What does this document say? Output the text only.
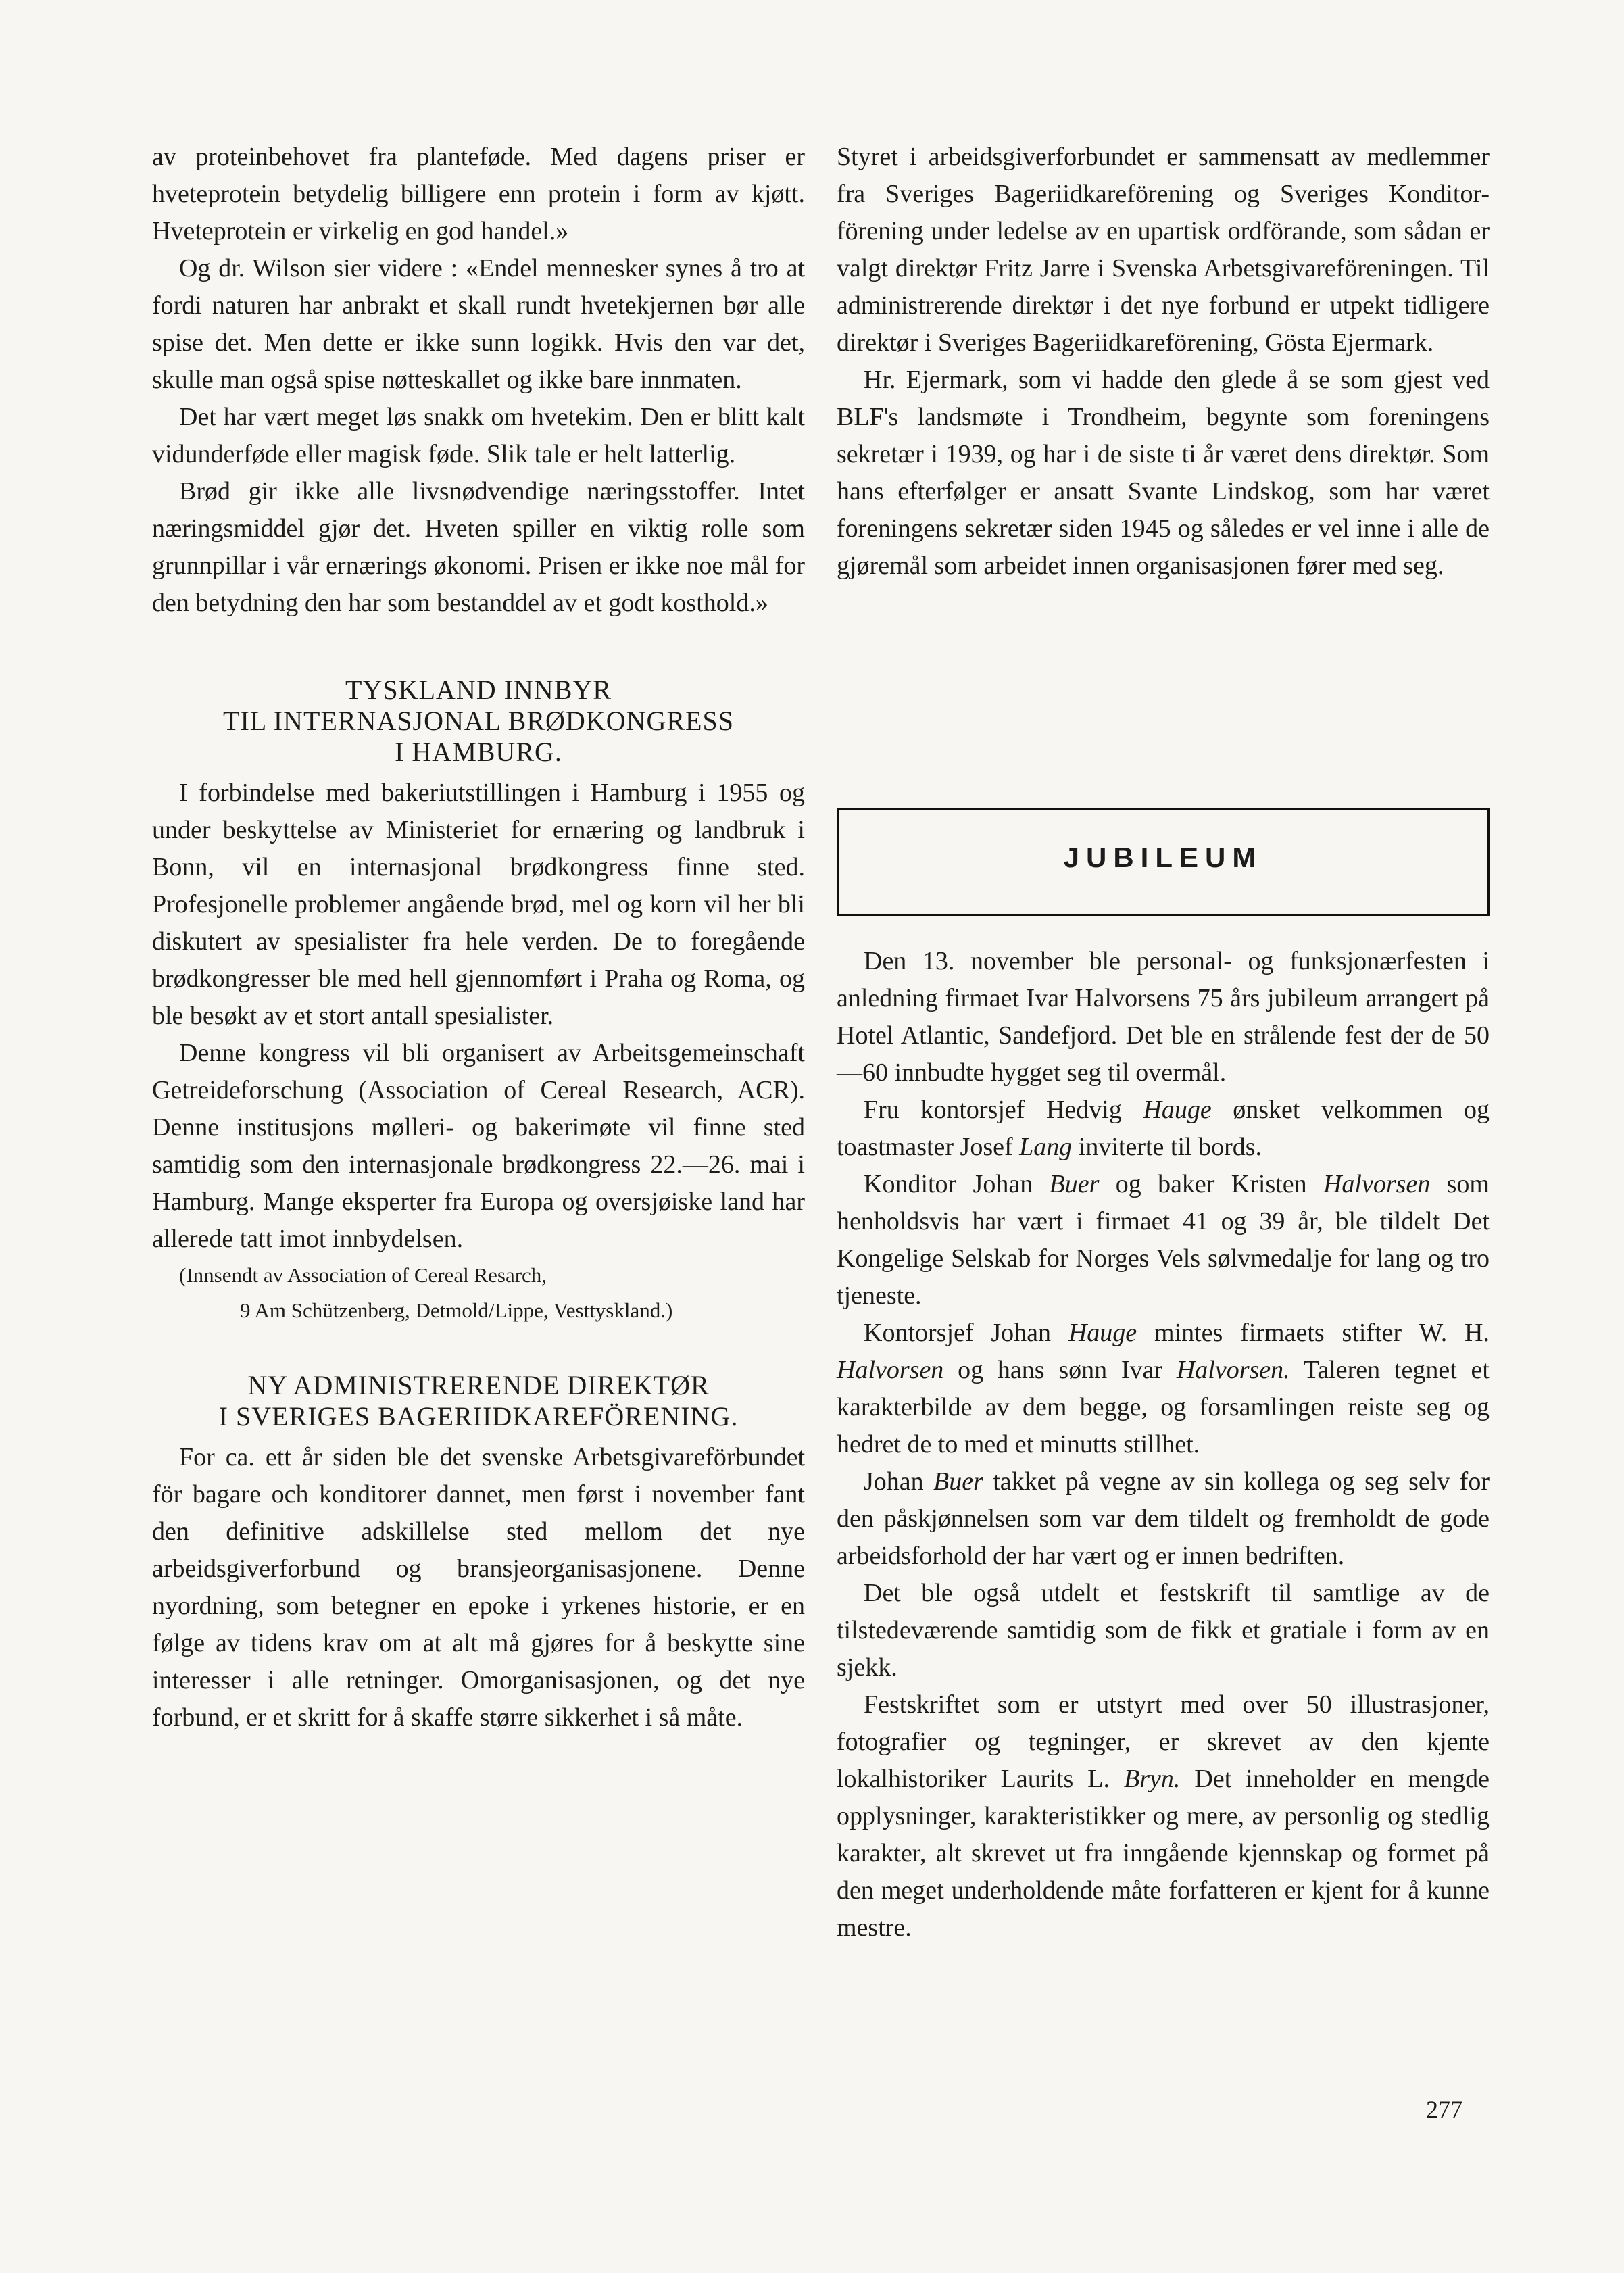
av proteinbehovet fra planteføde. Med dagens priser er hveteprotein betydelig billigere enn protein i form av kjøtt. Hveteprotein er virkelig en god handel.»

Og dr. Wilson sier videre : «Endel mennesker synes å tro at fordi naturen har anbrakt et skall rundt hvetekjernen bør alle spise det. Men dette er ikke sunn logikk. Hvis den var det, skulle man også spise nøtteskallet og ikke bare innmaten.

Det har vært meget løs snakk om hvetekim. Den er blitt kalt vidunderføde eller magisk føde. Slik tale er helt latterlig.

Brød gir ikke alle livsnødvendige næringsstoffer. Intet næringsmiddel gjør det. Hveten spiller en viktig rolle som grunnpillar i vår ernærings økonomi. Prisen er ikke noe mål for den betydning den har som bestanddel av et godt kosthold.»

TYSKLAND INNBYR
TIL INTERNASJONAL BRØDKONGRESS
I HAMBURG.

I forbindelse med bakeriutstillingen i Hamburg i 1955 og under beskyttelse av Ministeriet for ernæring og landbruk i Bonn, vil en internasjonal brødkongress finne sted. Profesjonelle problemer angående brød, mel og korn vil her bli diskutert av spesialister fra hele verden. De to foregående brødkongresser ble med hell gjennomført i Praha og Roma, og ble besøkt av et stort antall spesialister.

Denne kongress vil bli organisert av Arbeitsgemeinschaft Getreideforschung (Association of Cereal Research, ACR). Denne institusjons mølleri- og bakerimøte vil finne sted samtidig som den internasjonale brødkongress 22.—26. mai i Hamburg. Mange eksperter fra Europa og oversjøiske land har allerede tatt imot innbydelsen.

(Innsendt av Association of Cereal Resarch,
9 Am Schützenberg, Detmold/Lippe, Vesttyskland.)
NY ADMINISTRERENDE DIREKTØR
I SVERIGES BAGERIIDKAREFÖRENING.

For ca. ett år siden ble det svenske Arbetsgivareförbundet för bagare och konditorer dannet, men først i november fant den definitive adskillelse sted mellom det nye arbeidsgiverforbund og bransjeorganisasjonene. Denne nyordning, som betegner en epoke i yrkenes historie, er en følge av tidens krav om at alt må gjøres for å beskytte sine interesser i alle retninger. Omorganisasjonen, og det nye forbund, er et skritt for å skaffe større sikkerhet i så måte.

Styret i arbeidsgiverforbundet er sammensatt av medlemmer fra Sveriges Bageriidkareförening og Sveriges Konditor-förening under ledelse av en upartisk ordförande, som sådan er valgt direktør Fritz Jarre i Svenska Arbetsgivareföreningen. Til administrerende direktør i det nye forbund er utpekt tidligere direktør i Sveriges Bageriidkareförening, Gösta Ejermark.

Hr. Ejermark, som vi hadde den glede å se som gjest ved BLF's landsmøte i Trondheim, begynte som foreningens sekretær i 1939, og har i de siste ti år været dens direktør. Som hans efterfølger er ansatt Svante Lindskog, som har været foreningens sekretær siden 1945 og således er vel inne i alle de gjøremål som arbeidet innen organisasjonen fører med seg.

JUBILEUM

Den 13. november ble personal- og funksjonærfesten i anledning firmaet Ivar Halvorsens 75 års jubileum arrangert på Hotel Atlantic, Sandefjord. Det ble en strålende fest der de 50—60 innbudte hygget seg til overmål.

Fru kontorsjef Hedvig Hauge ønsket velkommen og toastmaster Josef Lang inviterte til bords.

Konditor Johan Buer og baker Kristen Halvorsen som henholdsvis har vært i firmaet 41 og 39 år, ble tildelt Det Kongelige Selskab for Norges Vels sølvmedalje for lang og tro tjeneste.

Kontorsjef Johan Hauge mintes firmaets stifter W. H. Halvorsen og hans sønn Ivar Halvorsen. Taleren tegnet et karakterbilde av dem begge, og forsamlingen reiste seg og hedret de to med et minutts stillhet.

Johan Buer takket på vegne av sin kollega og seg selv for den påskjønnelsen som var dem tildelt og fremholdt de gode arbeidsforhold der har vært og er innen bedriften.

Det ble også utdelt et festskrift til samtlige av de tilstedeværende samtidig som de fikk et gratiale i form av en sjekk.

Festskriftet som er utstyrt med over 50 illustrasjoner, fotografier og tegninger, er skrevet av den kjente lokalhistoriker Laurits L. Bryn. Det inneholder en mengde opplysninger, karakteristikker og mere, av personlig og stedlig karakter, alt skrevet ut fra inngående kjennskap og formet på den meget underholdende måte forfatteren er kjent for å kunne mestre.

277
